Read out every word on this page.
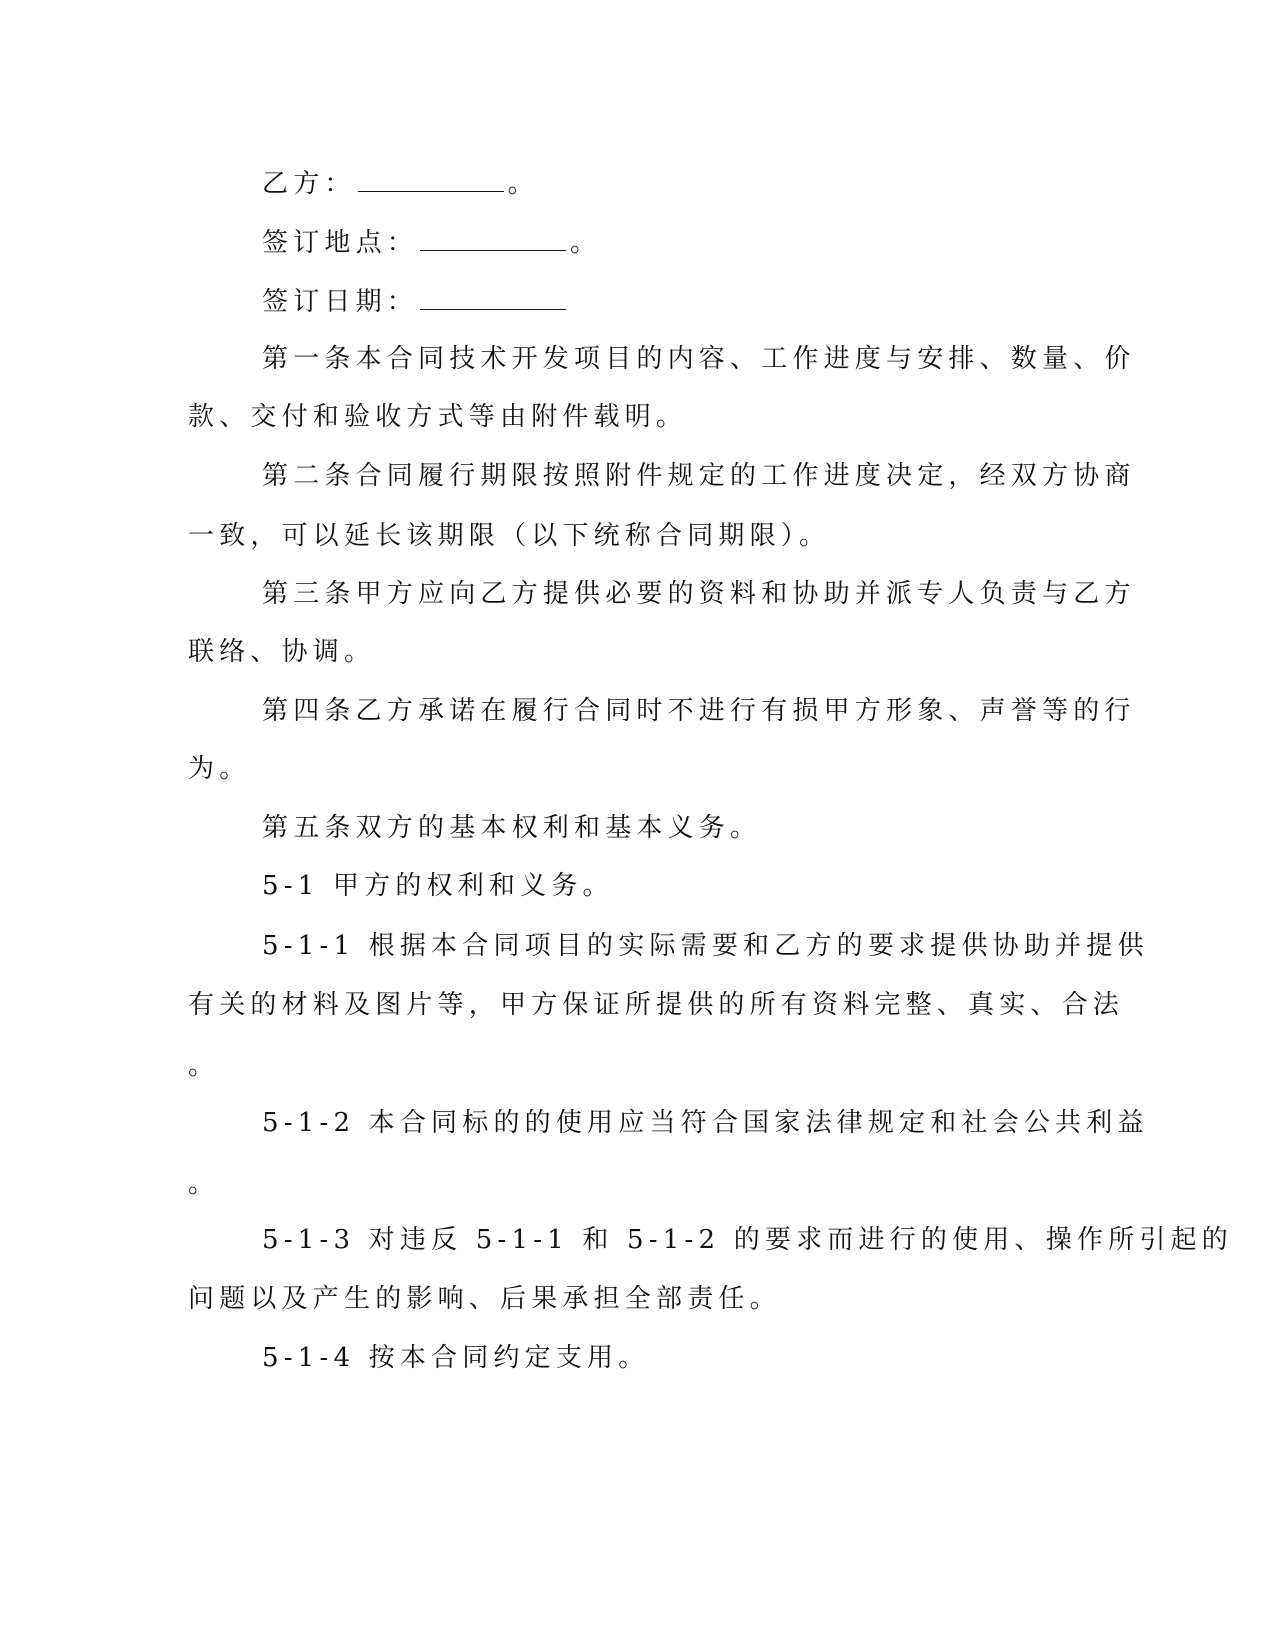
乙方：	。
签订地点：	。
签订日期：
第一条本合同技术开发项目的内容、工作进度与安排、数量、价
款、交付和验收方式等由附件载明。
第二条合同履行期限按照附件规定的工作进度决定，经双方协商
一致，可以延长该期限（以下统称合同期限）。
第三条甲方应向乙方提供必要的资料和协助并派专人负责与乙方
联络、协调。
第四条乙方承诺在履行合同时不进行有损甲方形象、声誉等的行
为。
第五条双方的基本权利和基本义务。
5-1 甲方的权利和义务。
5-1-1 根据本合同项目的实际需要和乙方的要求提供协助并提供
有关的材料及图片等，甲方保证所提供的所有资料完整、真实、合法
。
5-1-2 本合同标的的使用应当符合国家法律规定和社会公共利益
。
5-1-3 对违反 5-1-1 和 5-1-2 的要求而进行的使用、操作所引起的
问题以及产生的影响、后果承担全部责任。
5-1-4 按本合同约定支用。
